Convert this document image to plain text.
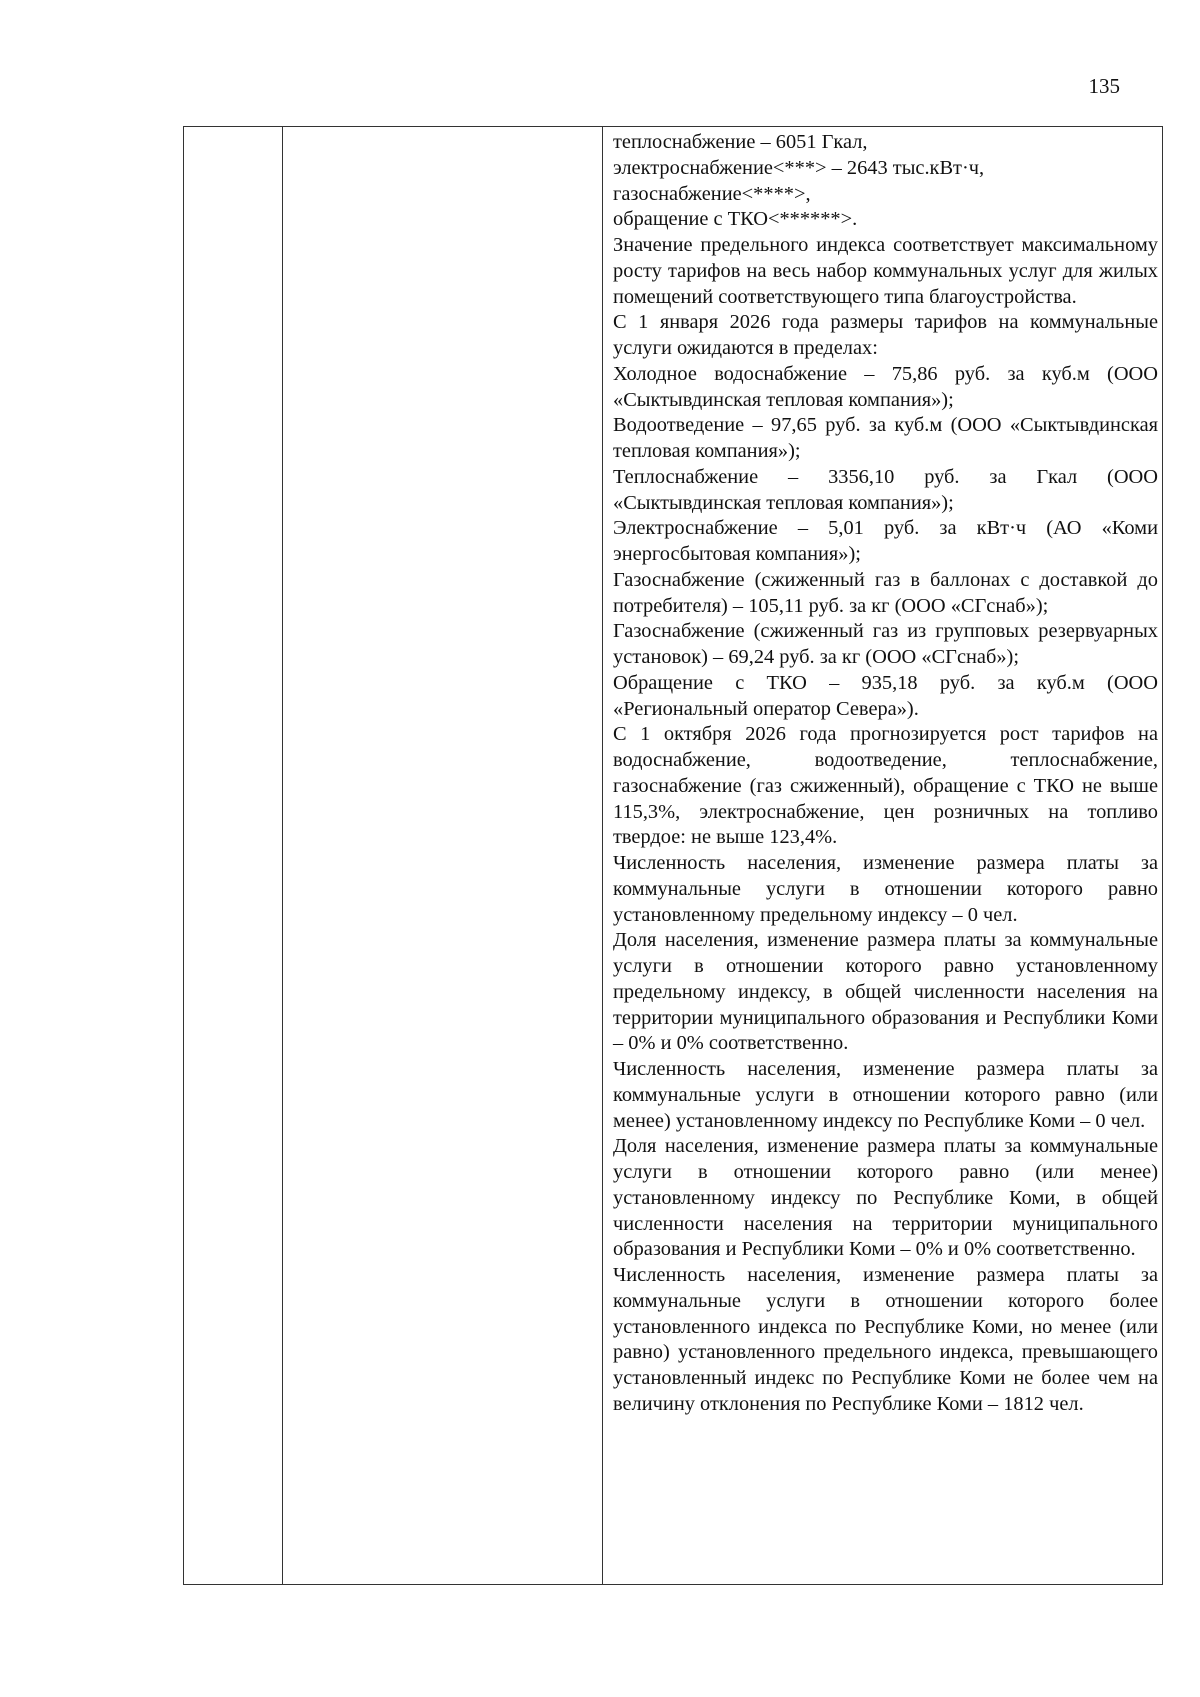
135

теплоснабжение – 6051 Гкал,
электроснабжение<***> – 2643 тыс.кВт·ч,
газоснабжение<****>,
обращение с ТКО<******>.

Значение предельного индекса соответствует максимальному росту тарифов на весь набор коммунальных услуг для жилых помещений соответствующего типа благоустройства.

С 1 января 2026 года размеры тарифов на коммунальные услуги ожидаются в пределах:

Холодное водоснабжение – 75,86 руб. за куб.м (ООО «Сыктывдинская тепловая компания»);

Водоотведение – 97,65 руб. за куб.м (ООО «Сыктывдинская тепловая компания»);

Теплоснабжение – 3356,10 руб. за Гкал (ООО «Сыктывдинская тепловая компания»);

Электроснабжение – 5,01 руб. за кВт·ч (АО «Коми энергосбытовая компания»);

Газоснабжение (сжиженный газ в баллонах с доставкой до потребителя) – 105,11 руб. за кг (ООО «СГснаб»);

Газоснабжение (сжиженный газ из групповых резервуарных установок) – 69,24 руб. за кг (ООО «СГснаб»);

Обращение с ТКО – 935,18 руб. за куб.м (ООО «Региональный оператор Севера»).

С 1 октября 2026 года прогнозируется рост тарифов на водоснабжение, водоотведение, теплоснабжение, газоснабжение (газ сжиженный), обращение с ТКО не выше 115,3%, электроснабжение, цен розничных на топливо твердое: не выше 123,4%.

Численность населения, изменение размера платы за коммунальные услуги в отношении которого равно установленному предельному индексу – 0 чел.

Доля населения, изменение размера платы за коммунальные услуги в отношении которого равно установленному предельному индексу, в общей численности населения на территории муниципального образования и Республики Коми – 0% и 0% соответственно.

Численность населения, изменение размера платы за коммунальные услуги в отношении которого равно (или менее) установленному индексу по Республике Коми – 0 чел.

Доля населения, изменение размера платы за коммунальные услуги в отношении которого равно (или менее) установленному индексу по Республике Коми, в общей численности населения на территории муниципального образования и Республики Коми – 0% и 0% соответственно.

Численность населения, изменение размера платы за коммунальные услуги в отношении которого более установленного индекса по Республике Коми, но менее (или равно) установленного предельного индекса, превышающего установленный индекс по Республике Коми не более чем на величину отклонения по Республике Коми – 1812 чел.
